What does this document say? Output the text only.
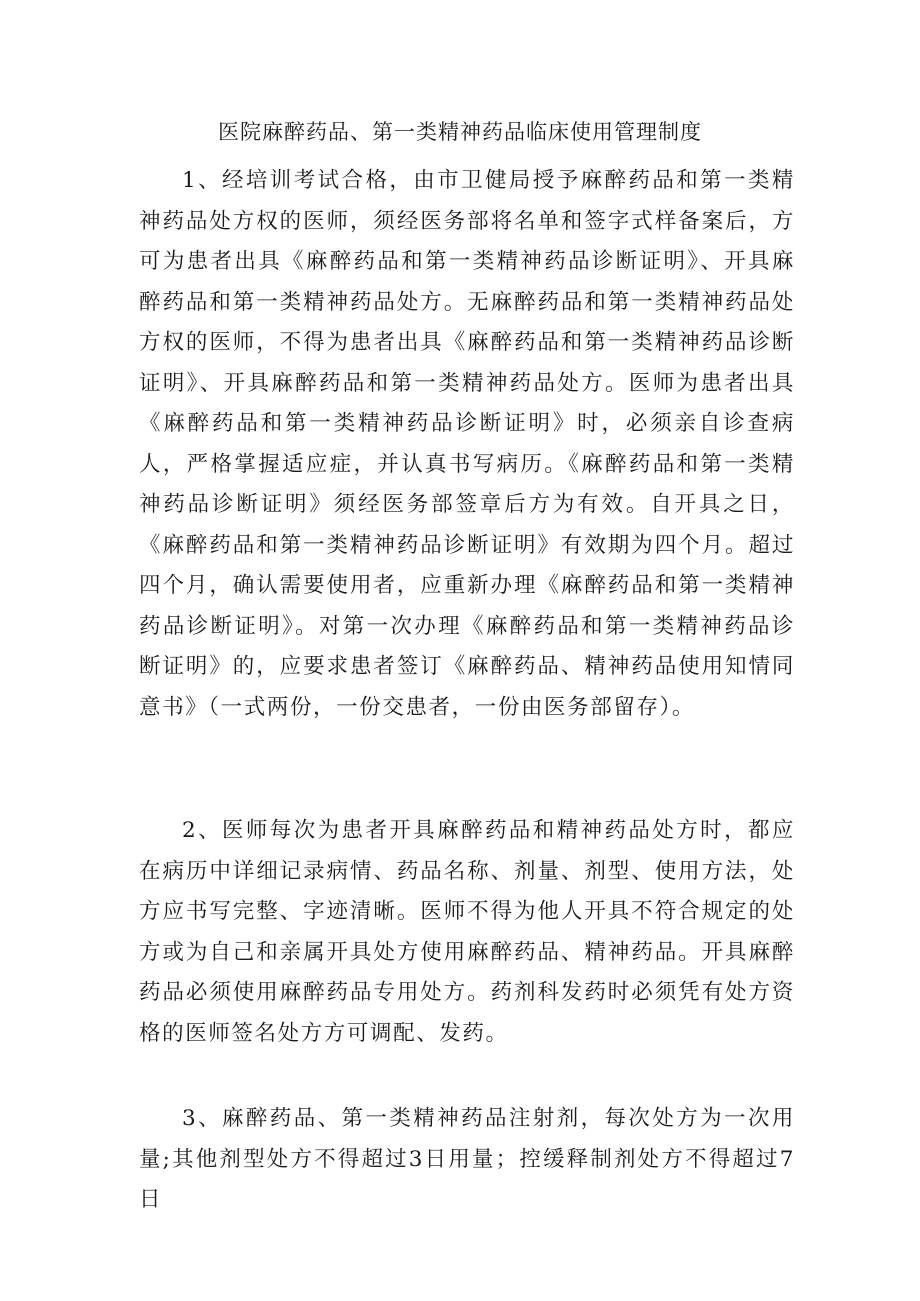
医院麻醉药品、第一类精神药品临床使用管理制度

1、经培训考试合格，由市卫健局授予麻醉药品和第一类精神药品处方权的医师，须经医务部将名单和签字式样备案后，方可为患者出具《麻醉药品和第一类精神药品诊断证明》、开具麻醉药品和第一类精神药品处方。无麻醉药品和第一类精神药品处方权的医师，不得为患者出具《麻醉药品和第一类精神药品诊断证明》、开具麻醉药品和第一类精神药品处方。医师为患者出具《麻醉药品和第一类精神药品诊断证明》时，必须亲自诊查病人，严格掌握适应症，并认真书写病历。《麻醉药品和第一类精神药品诊断证明》须经医务部签章后方为有效。自开具之日，《麻醉药品和第一类精神药品诊断证明》有效期为四个月。超过四个月，确认需要使用者，应重新办理《麻醉药品和第一类精神药品诊断证明》。对第一次办理《麻醉药品和第一类精神药品诊断证明》的，应要求患者签订《麻醉药品、精神药品使用知情同意书》（一式两份，一份交患者，一份由医务部留存）。

2、医师每次为患者开具麻醉药品和精神药品处方时，都应在病历中详细记录病情、药品名称、剂量、剂型、使用方法，处方应书写完整、字迹清晰。医师不得为他人开具不符合规定的处方或为自己和亲属开具处方使用麻醉药品、精神药品。开具麻醉药品必须使用麻醉药品专用处方。药剂科发药时必须凭有处方资格的医师签名处方方可调配、发药。

3、麻醉药品、第一类精神药品注射剂，每次处方为一次用量;其他剂型处方不得超过3日用量；控缓释制剂处方不得超过7日
